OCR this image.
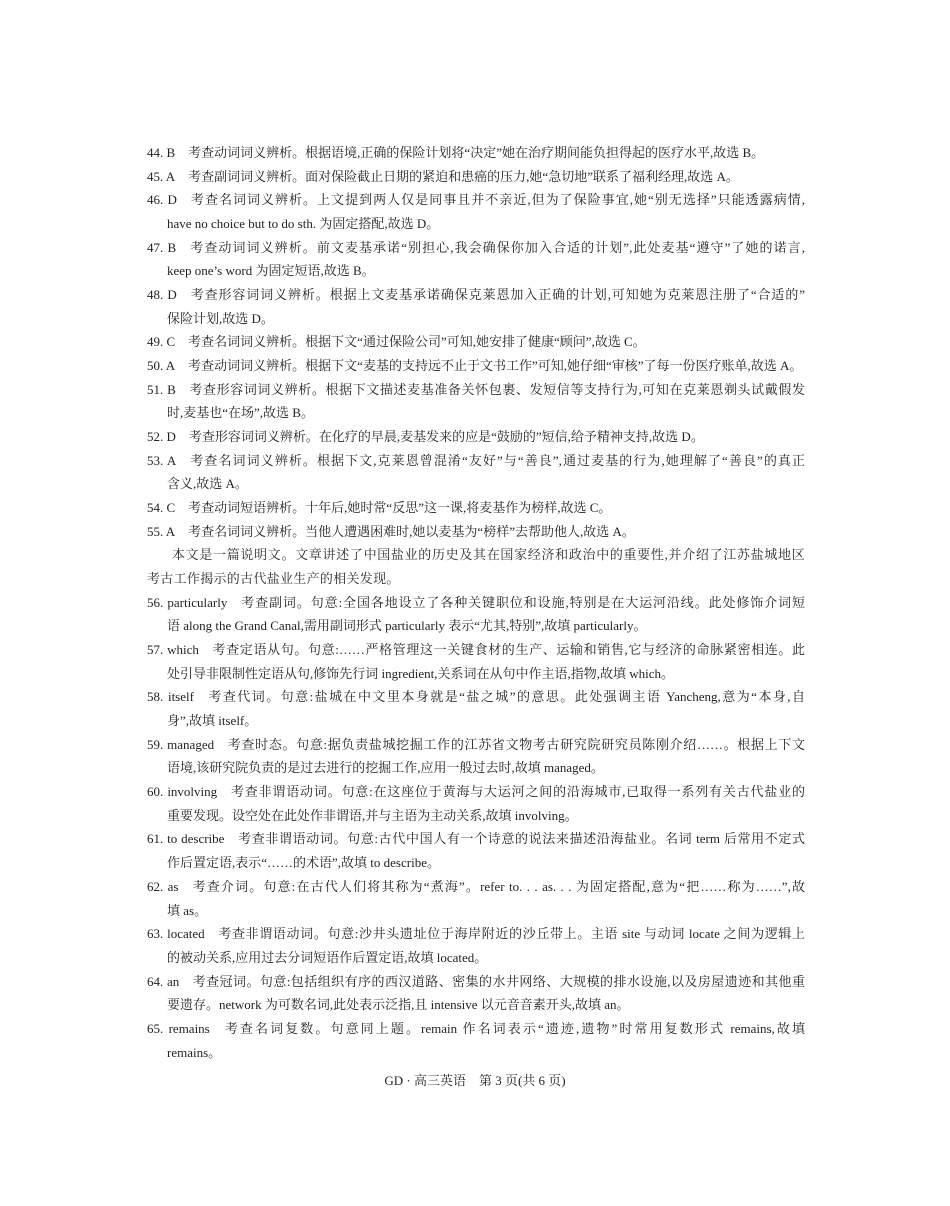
44. B 考查动词词义辨析。根据语境,正确的保险计划将“决定”她在治疗期间能负担得起的医疗水平,故选 B。
45. A 考查副词词义辨析。面对保险截止日期的紧迫和患癌的压力,她“急切地”联系了福利经理,故选 A。
46. D 考查名词词义辨析。上文提到两人仅是同事且并不亲近,但为了保险事宜,她“别无选择”只能透露病情,
have no choice but to do sth. 为固定搭配,故选 D。
47. B 考查动词词义辨析。前文麦基承诺“别担心,我会确保你加入合适的计划”,此处麦基“遵守”了她的诺言,
keep one’s word 为固定短语,故选 B。
48. D 考查形容词词义辨析。根据上文麦基承诺确保克莱恩加入正确的计划,可知她为克莱恩注册了“合适的”
保险计划,故选 D。
49. C 考查名词词义辨析。根据下文“通过保险公司”可知,她安排了健康“顾问”,故选 C。
50. A 考查动词词义辨析。根据下文“麦基的支持远不止于文书工作”可知,她仔细“审核”了每一份医疗账单,故选 A。
51. B 考查形容词词义辨析。根据下文描述麦基准备关怀包裹、发短信等支持行为,可知在克莱恩剃头试戴假发
时,麦基也“在场”,故选 B。
52. D 考查形容词词义辨析。在化疗的早晨,麦基发来的应是“鼓励的”短信,给予精神支持,故选 D。
53. A 考查名词词义辨析。根据下文,克莱恩曾混淆“友好”与“善良”,通过麦基的行为,她理解了“善良”的真正
含义,故选 A。
54. C 考查动词短语辨析。十年后,她时常“反思”这一课,将麦基作为榜样,故选 C。
55. A 考查名词词义辨析。当他人遭遇困难时,她以麦基为“榜样”去帮助他人,故选 A。
本文是一篇说明文。文章讲述了中国盐业的历史及其在国家经济和政治中的重要性,并介绍了江苏盐城地区
考古工作揭示的古代盐业生产的相关发现。
56. particularly 考查副词。句意:全国各地设立了各种关键职位和设施,特别是在大运河沿线。此处修饰介词短
语 along the Grand Canal,需用副词形式 particularly 表示“尤其,特别”,故填 particularly。
57. which 考查定语从句。句意:……严格管理这一关键食材的生产、运输和销售,它与经济的命脉紧密相连。此
处引导非限制性定语从句,修饰先行词 ingredient,关系词在从句中作主语,指物,故填 which。
58. itself 考查代词。句意:盐城在中文里本身就是“盐之城”的意思。此处强调主语 Yancheng,意为“本身,自
身”,故填 itself。
59. managed 考查时态。句意:据负责盐城挖掘工作的江苏省文物考古研究院研究员陈刚介绍……。根据上下文
语境,该研究院负责的是过去进行的挖掘工作,应用一般过去时,故填 managed。
60. involving 考查非谓语动词。句意:在这座位于黄海与大运河之间的沿海城市,已取得一系列有关古代盐业的
重要发现。设空处在此处作非谓语,并与主语为主动关系,故填 involving。
61. to describe 考查非谓语动词。句意:古代中国人有一个诗意的说法来描述沿海盐业。名词 term 后常用不定式
作后置定语,表示“……的术语”,故填 to describe。
62. as 考查介词。句意:在古代人们将其称为“煮海”。refer to. . . as. . . 为固定搭配,意为“把……称为……”,故
填 as。
63. located 考查非谓语动词。句意:沙井头遗址位于海岸附近的沙丘带上。主语 site 与动词 locate 之间为逻辑上
的被动关系,应用过去分词短语作后置定语,故填 located。
64. an 考查冠词。句意:包括组织有序的西汉道路、密集的水井网络、大规模的排水设施,以及房屋遗迹和其他重
要遗存。network 为可数名词,此处表示泛指,且 intensive 以元音音素开头,故填 an。
65. remains 考查名词复数。句意同上题。remain 作名词表示“遗迹,遗物”时常用复数形式 remains,故填
remains。
GD · 高三英语　第 3 页(共 6 页)
